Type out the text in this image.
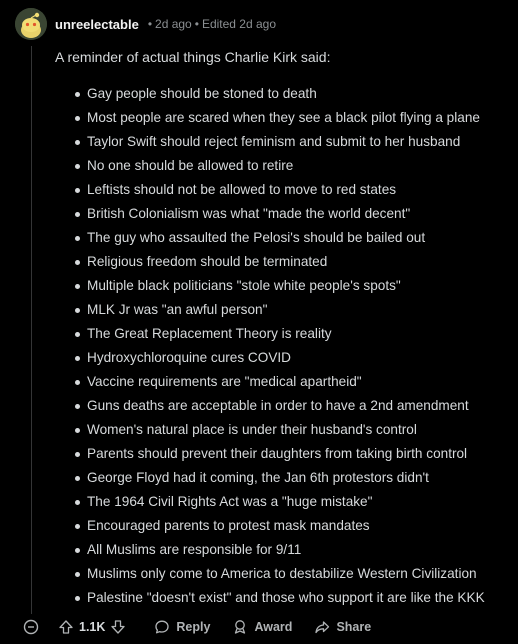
unreelectable • 2d ago • Edited 2d ago
A reminder of actual things Charlie Kirk said:
Gay people should be stoned to death
Most people are scared when they see a black pilot flying a plane
Taylor Swift should reject feminism and submit to her husband
No one should be allowed to retire
Leftists should not be allowed to move to red states
British Colonialism was what "made the world decent"
The guy who assaulted the Pelosi's should be bailed out
Religious freedom should be terminated
Multiple black politicians "stole white people's spots"
MLK Jr was "an awful person"
The Great Replacement Theory is reality
Hydroxychloroquine cures COVID
Vaccine requirements are "medical apartheid"
Guns deaths are acceptable in order to have a 2nd amendment
Women's natural place is under their husband's control
Parents should prevent their daughters from taking birth control
George Floyd had it coming, the Jan 6th protestors didn't
The 1964 Civil Rights Act was a "huge mistake"
Encouraged parents to protest mask mandates
All Muslims are responsible for 9/11
Muslims only come to America to destabilize Western Civilization
Palestine "doesn't exist" and those who support it are like the KKK
1.1K	Reply	Award	Share
